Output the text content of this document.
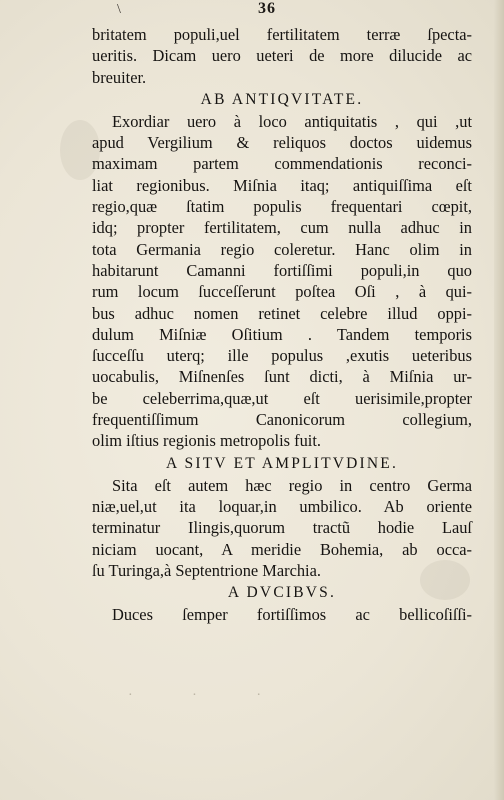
\	36
britatem populi,uel fertilitatem terræ ſpecta-
ueritis. Dicam uero ueteri de more dilucide ac
breuiter.
AB ANTIQVITATE.
Exordiar uero à loco antiquitatis , qui ,ut
apud Vergilium & reliquos doctos uidemus
maximam partem commendationis reconci-
liat regionibus. Miſnia itaq; antiquiſſima eſt
regio,quæ ſtatim populis frequentari cœpit,
idq; propter fertilitatem, cum nulla adhuc in
tota Germania regio coleretur. Hanc olim in
habitarunt Camanni fortiſſimi populi,in quo
rum locum ſucceſſerunt poſtea Oſi , à qui-
bus adhuc nomen retinet celebre illud oppi-
dulum Miſniæ Oſitium . Tandem temporis
ſucceſſu uterq; ille populus ,exutis ueteribus
uocabulis, Miſnenſes ſunt dicti, à Miſnia ur-
be celeberrima,quæ,ut eſt uerisimile,propter
frequentiſſimum Canonicorum collegium,
olim iſtius regionis metropolis fuit.
A SITV ET AMPLITVDINE.
Sita eſt autem hæc regio in centro Germa
niæ,uel,ut ita loquar,in umbilico. Ab oriente
terminatur Ilingis,quorum tractũ hodie Lauſ
niciam uocant, A meridie Bohemia, ab occa-
ſu Turinga,à Septentrione Marchia.
A DVCIBVS.
Duces ſemper fortiſſimos ac bellicoſiſſi-
· · ·
